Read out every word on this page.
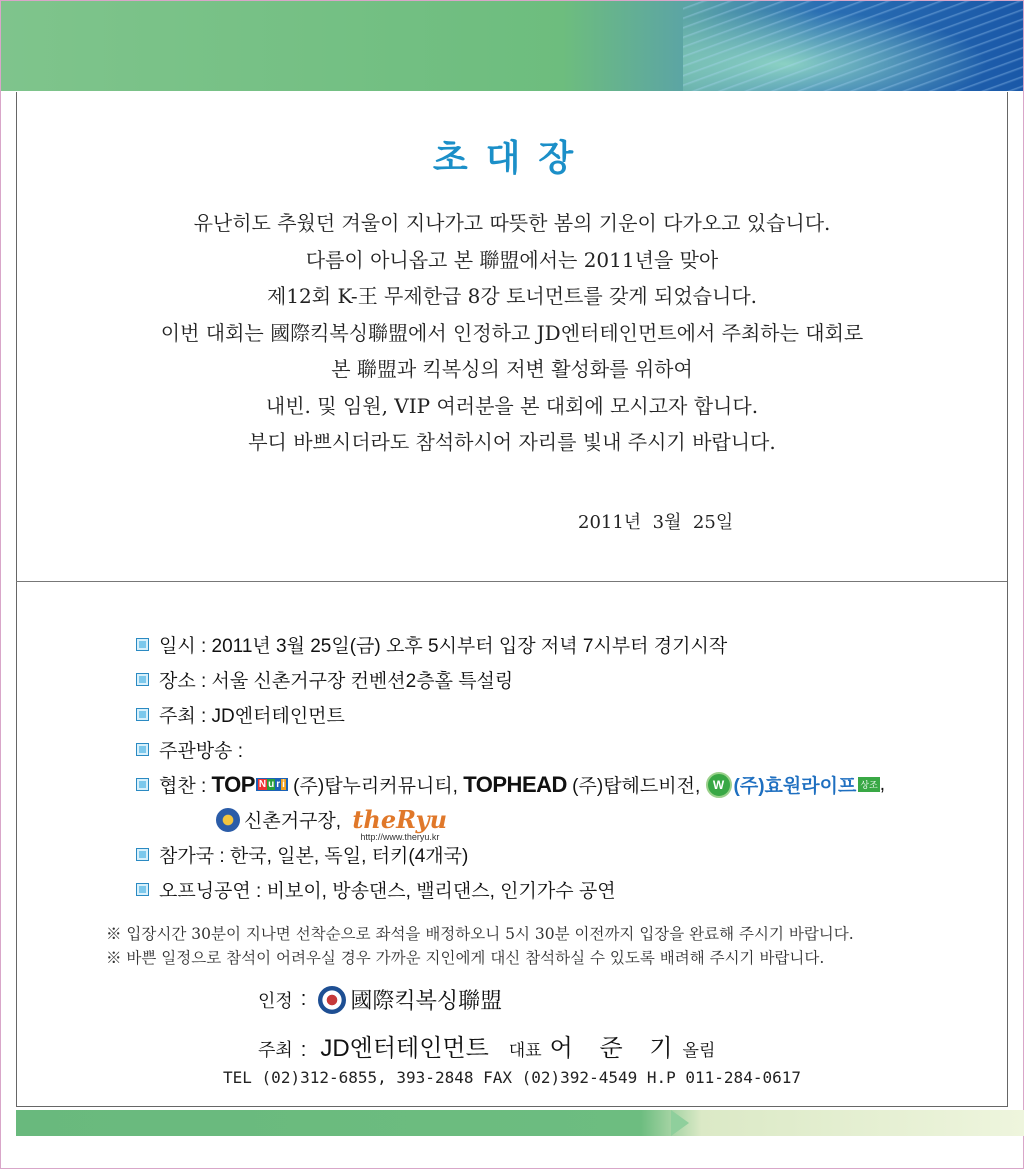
초대장
유난히도 추웠던 겨울이 지나가고 따뜻한 봄의 기운이 다가오고 있습니다.
다름이 아니옵고 본 聯盟에서는 2011년을 맞아
제12회 K-王 무제한급 8강 토너먼트를 갖게 되었습니다.
이번 대회는 國際킥복싱聯盟에서 인정하고 JD엔터테인먼트에서 주최하는 대회로
본 聯盟과 킥복싱의 저변 활성화를 위하여
내빈. 및 임원, VIP 여러분을 본 대회에 모시고자 합니다.
부디 바쁘시더라도 참석하시어 자리를 빛내 주시기 바랍니다.
2011년  3월  25일
일시 : 2011년 3월 25일(금) 오후 5시부터 입장 저녁 7시부터 경기시작
장소 : 서울 신촌거구장 컨벤션2층홀 특설링
주최 : JD엔터테인먼트
주관방송 :
협찬 : TOP N u r i (주)탑누리커뮤니티, TOPHEAD (주)탑헤드비전, W (주)효원라이프 상조 ,
신촌거구장, theRyu
http://www.theryu.kr
참가국 : 한국, 일본, 독일, 터키(4개국)
오프닝공연 : 비보이, 방송댄스, 밸리댄스, 인기가수 공연
※ 입장시간 30분이 지나면 선착순으로 좌석을 배정하오니 5시 30분 이전까지 입장을 완료해 주시기 바랍니다.
※ 바쁜 일정으로 참석이 어려우실 경우 가까운 지인에게 대신 참석하실 수 있도록 배려해 주시기 바랍니다.
인정 : 國際킥복싱聯盟
주최 : JD엔터테인먼트 대표 어 준 기 올림
TEL (02)312-6855, 393-2848 FAX (02)392-4549 H.P 011-284-0617
